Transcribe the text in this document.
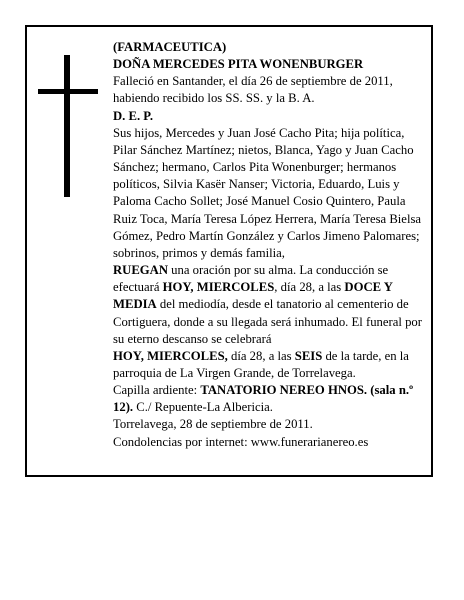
(FARMACEUTICA)

DOÑA MERCEDES PITA WONENBURGER

Falleció en Santander, el día 26 de septiembre de 2011, habiendo recibido los SS. SS. y la B. A.

D. E. P.

Sus hijos, Mercedes y Juan José Cacho Pita; hija política, Pilar Sánchez Martínez; nietos, Blanca, Yago y Juan Cacho Sánchez; hermano, Carlos Pita Wonenburger; hermanos políticos, Silvia Kasër Nanser; Victoria, Eduardo, Luis y Paloma Cacho Sollet; José Manuel Cosio Quintero, Paula Ruiz Toca, María Teresa López Herrera, María Teresa Bielsa Gómez, Pedro Martín González y Carlos Jimeno Palomares; sobrinos, primos y demás familia,

RUEGAN una oración por su alma. La conducción se efectuará HOY, MIERCOLES, día 28, a las DOCE Y MEDIA del mediodía, desde el tanatorio al cementerio de Cortiguera, donde a su llegada será inhumado. El funeral por su eterno descanso se celebrará

HOY, MIERCOLES, día 28, a las SEIS de la tarde, en la parroquia de La Virgen Grande, de Torrelavega.

Capilla ardiente: TANATORIO NEREO HNOS. (sala n.º 12). C./ Repuente-La Albericia.

Torrelavega, 28 de septiembre de 2011.

Condolencias por internet: www.funerarianereo.es
